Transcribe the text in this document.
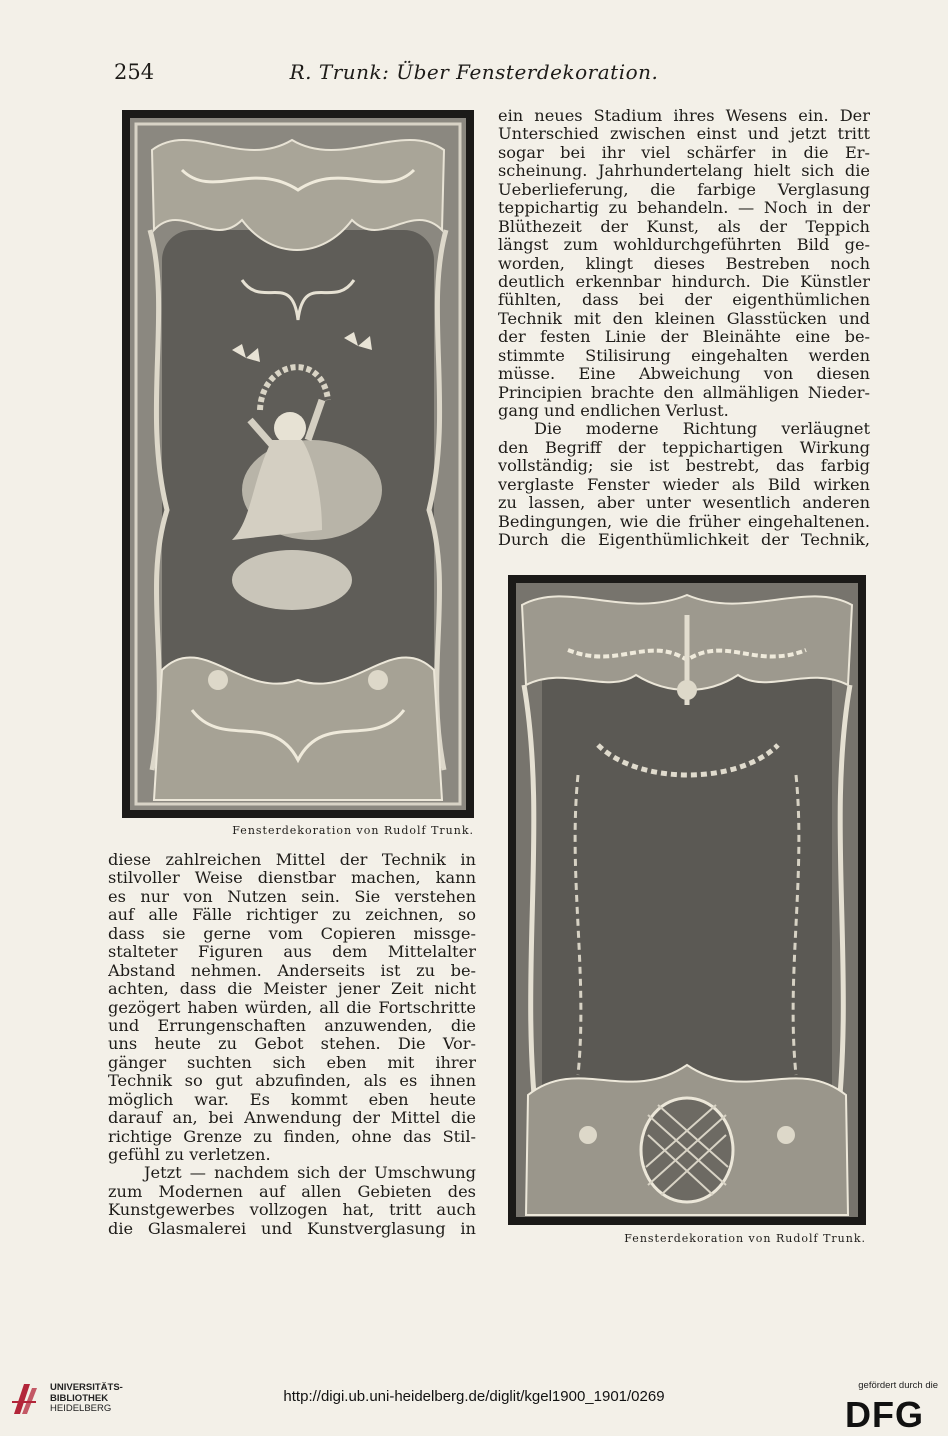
254	R. Trunk: Über Fensterdekoration.
Fensterdekoration von Rudolf Trunk.
ein neues Stadium ihres Wesens ein. Der
Unterschied zwischen einst und jetzt tritt
sogar bei ihr viel schärfer in die Er-
scheinung. Jahrhundertelang hielt sich die
Ueberlieferung, die farbige Verglasung
teppichartig zu behandeln. — Noch in der
Blüthezeit der Kunst, als der Teppich
längst zum wohldurchgeführten Bild ge-
worden, klingt dieses Bestreben noch
deutlich erkennbar hindurch. Die Künstler
fühlten, dass bei der eigenthümlichen
Technik mit den kleinen Glasstücken und
der festen Linie der Bleinähte eine be-
stimmte Stilisirung eingehalten werden
müsse. Eine Abweichung von diesen
Principien brachte den allmähligen Nieder-
gang und endlichen Verlust.
Die moderne Richtung verläugnet
den Begriff der teppichartigen Wirkung
vollständig; sie ist bestrebt, das farbig
verglaste Fenster wieder als Bild wirken
zu lassen, aber unter wesentlich anderen
Bedingungen, wie die früher eingehaltenen.
Durch die Eigenthümlichkeit der Technik,
Fensterdekoration von Rudolf Trunk.
diese zahlreichen Mittel der Technik in
stilvoller Weise dienstbar machen, kann
es nur von Nutzen sein. Sie verstehen
auf alle Fälle richtiger zu zeichnen, so
dass sie gerne vom Copieren missge-
stalteter Figuren aus dem Mittelalter
Abstand nehmen. Anderseits ist zu be-
achten, dass die Meister jener Zeit nicht
gezögert haben würden, all die Fortschritte
und Errungenschaften anzuwenden, die
uns heute zu Gebot stehen. Die Vor-
gänger suchten sich eben mit ihrer
Technik so gut abzufinden, als es ihnen
möglich war. Es kommt eben heute
darauf an, bei Anwendung der Mittel die
richtige Grenze zu finden, ohne das Stil-
gefühl zu verletzen.
Jetzt — nachdem sich der Umschwung
zum Modernen auf allen Gebieten des
Kunstgewerbes vollzogen hat, tritt auch
die Glasmalerei und Kunstverglasung in
UNIVERSITÄTS-
BIBLIOTHEK
HEIDELBERG
http://digi.ub.uni-heidelberg.de/diglit/kgel1900_1901/0269
gefördert durch die
DFG
